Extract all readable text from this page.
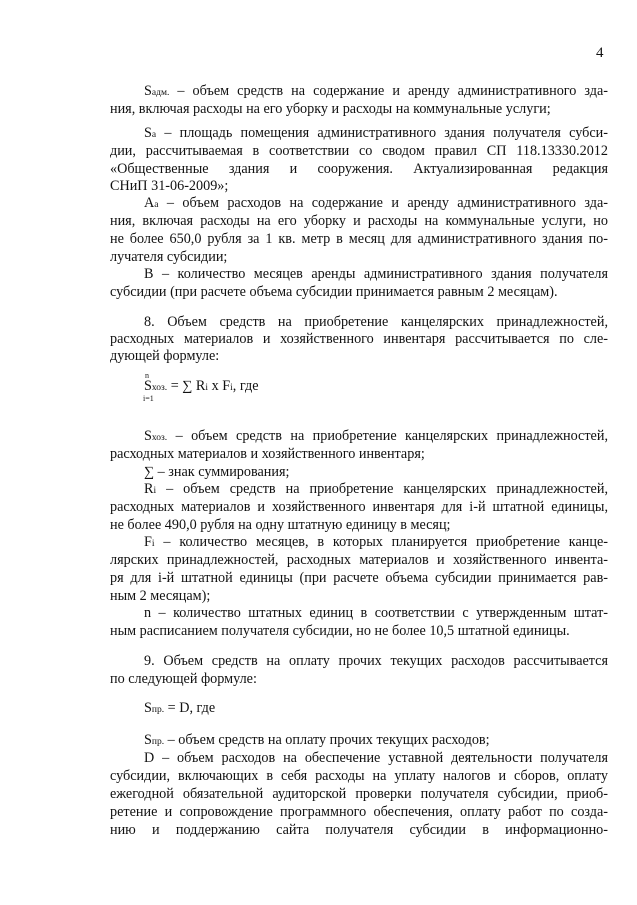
4
Sадм. – объем средств на содержание и аренду административного зда-
ния, включая расходы на его уборку и расходы на коммунальные услуги;
Sа – площадь помещения административного здания получателя субси-
дии, рассчитываемая в соответствии со сводом правил СП 118.13330.2012
«Общественные здания и сооружения. Актуализированная редакция
СНиП 31-06-2009»;
Аа – объем расходов на содержание и аренду административного зда-
ния, включая расходы на его уборку и расходы на коммунальные услуги, но
не более 650,0 рубля за 1 кв. метр в месяц для административного здания по-
лучателя субсидии;
В – количество месяцев аренды административного здания получателя
субсидии (при расчете объема субсидии принимается равным 2 месяцам).
8. Объем средств на приобретение канцелярских принадлежностей,
расходных материалов и хозяйственного инвентаря рассчитывается по сле-
дующей формуле:
Sхоз. – объем средств на приобретение канцелярских принадлежностей,
расходных материалов и хозяйственного инвентаря;
∑ – знак суммирования;
Ri – объем средств на приобретение канцелярских принадлежностей,
расходных материалов и хозяйственного инвентаря для i-й штатной единицы,
не более 490,0 рубля на одну штатную единицу в месяц;
Fi – количество месяцев, в которых планируется приобретение канце-
лярских принадлежностей, расходных материалов и хозяйственного инвента-
ря для i-й штатной единицы (при расчете объема субсидии принимается рав-
ным 2 месяцам);
n – количество штатных единиц в соответствии с утвержденным штат-
ным расписанием получателя субсидии, но не более 10,5 штатной единицы.
9. Объем средств на оплату прочих текущих расходов рассчитывается
по следующей формуле:
Sпр. – объем средств на оплату прочих текущих расходов;
D – объем расходов на обеспечение уставной деятельности получателя
субсидии, включающих в себя расходы на уплату налогов и сборов, оплату
ежегодной обязательной аудиторской проверки получателя субсидии, приоб-
ретение и сопровождение программного обеспечения, оплату работ по созда-
нию и поддержанию сайта получателя субсидии в информационно-
n
i=1
Sхоз. = ∑ Ri x Fi, где
Sпр. = D, где
